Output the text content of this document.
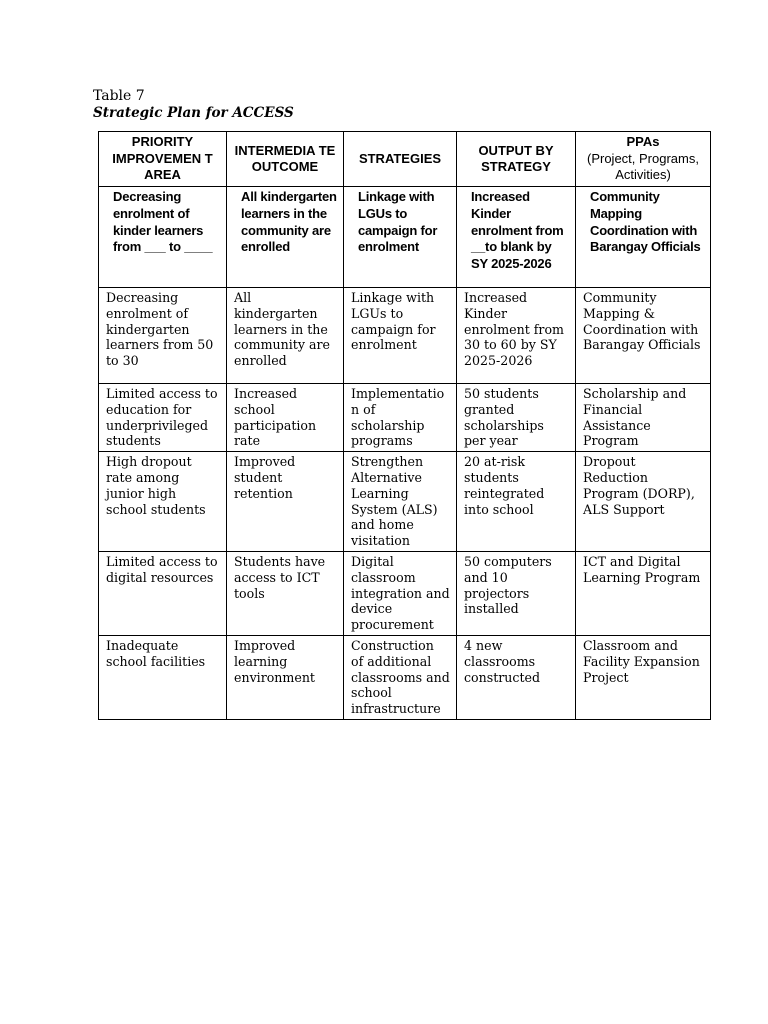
Table 7
Strategic Plan for ACCESS
PRIORITY IMPROVEMEN T AREA	INTERMEDIA TE OUTCOME	STRATEGIES	OUTPUT BY STRATEGY	PPAs
(Project, Programs, Activities)

Decreasing enrolment of kinder learners from ___ to ____	All kindergarten learners in the community are enrolled	Linkage with LGUs to campaign for enrolment	Increased Kinder enrolment from __to blank by SY 2025-2026	Community Mapping Coordination with Barangay Officials
Decreasing enrolment of kindergarten learners from 50 to 30	All kindergarten learners in the community are enrolled	Linkage with LGUs to campaign for enrolment	Increased Kinder enrolment from 30 to 60 by SY 2025-2026	Community Mapping & Coordination with Barangay Officials
Limited access to education for underprivileged students	Increased school participation rate	Implementation of scholarship programs	50 students granted scholarships per year	Scholarship and Financial Assistance Program
High dropout rate among junior high school students	Improved student retention	Strengthen Alternative Learning System (ALS) and home visitation	20 at-risk students reintegrated into school	Dropout Reduction Program (DORP), ALS Support
Limited access to digital resources	Students have access to ICT tools	Digital classroom integration and device procurement	50 computers and 10 projectors installed	ICT and Digital Learning Program
Inadequate school facilities	Improved learning environment	Construction of additional classrooms and school infrastructure	4 new classrooms constructed	Classroom and Facility Expansion Project
